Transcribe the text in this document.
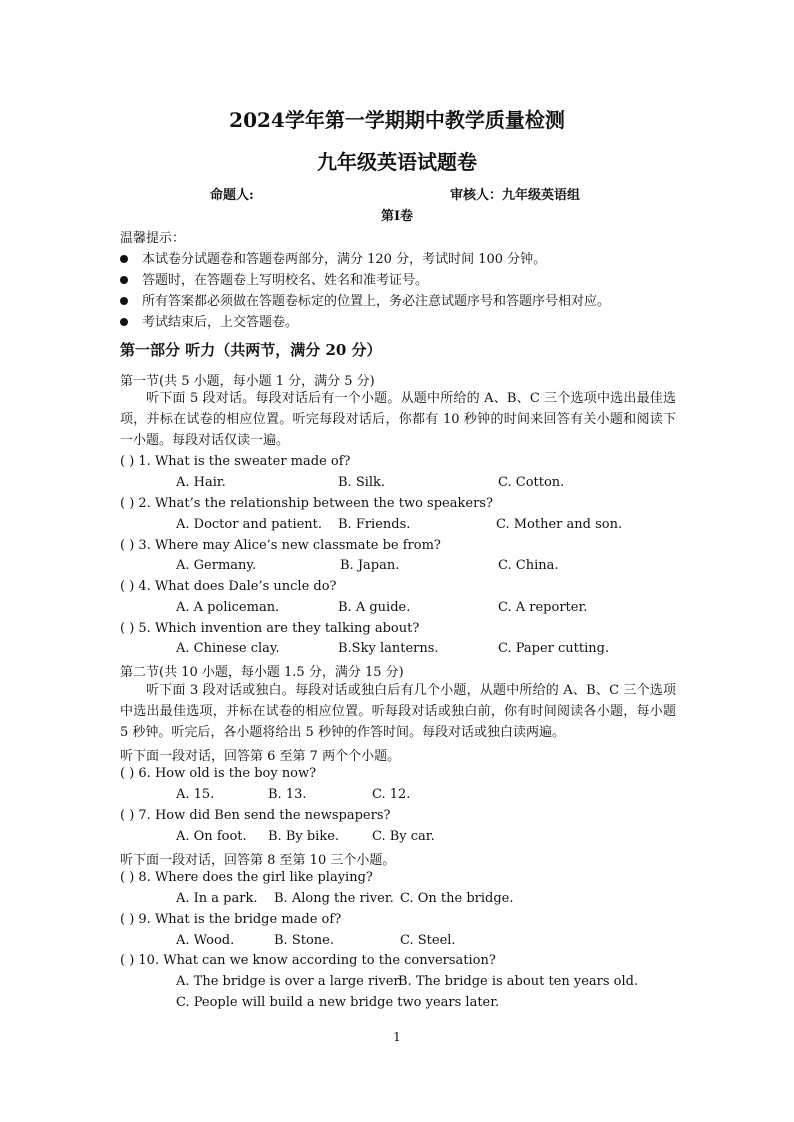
2024学年第一学期期中教学质量检测
九年级英语试题卷
命题人:	审核人：九年级英语组
第I卷
温馨提示：
本试卷分试题卷和答题卷两部分，满分 120 分，考试时间 100 分钟。
答题时，在答题卷上写明校名、姓名和准考证号。
所有答案都必须做在答题卷标定的位置上，务必注意试题序号和答题序号相对应。
考试结束后，上交答题卷。
第一部分 听力（共两节，满分 20 分）
第一节(共 5 小题，每小题 1 分，满分 5 分)
听下面 5 段对话。每段对话后有一个小题。从题中所给的 A、B、C 三个选项中选出最佳选项，并标在试卷的相应位置。听完每段对话后，你都有 10 秒钟的时间来回答有关小题和阅读下一小题。每段对话仅读一遍。
( ) 1. What is the sweater made of?
A. Hair.	B. Silk.	C. Cotton.
( ) 2. What’s the relationship between the two speakers?
A. Doctor and patient. B. Friends.	C. Mother and son.
( ) 3. Where may Alice’s new classmate be from?
A. Germany.	B. Japan.	C. China.
( ) 4. What does Dale’s uncle do?
A. A policeman.	B. A guide.	C. A reporter.
( ) 5. Which invention are they talking about?
A. Chinese clay.	B.Sky lanterns.	C. Paper cutting.
第二节(共 10 小题，每小题 1.5 分，满分 15 分)
听下面 3 段对话或独白。每段对话或独白后有几个小题，从题中所给的 A、B、C 三个选项中选出最佳选项，并标在试卷的相应位置。听每段对话或独白前，你有时间阅读各小题，每小题 5 秒钟。听完后，各小题将给出 5 秒钟的作答时间。每段对话或独白读两遍。
听下面一段对话，回答第 6 至第 7 两个个小题。
( ) 6. How old is the boy now?
A. 15.	B. 13.	C. 12.
( ) 7. How did Ben send the newspapers?
A. On foot. B. By bike.	C. By car.
听下面一段对话，回答第 8 至第 10 三个小题。
( ) 8. Where does the girl like playing?
A. In a park. B. Along the river. C. On the bridge.
( ) 9. What is the bridge made of?
A. Wood.	B. Stone.	C. Steel.
( ) 10. What can we know according to the conversation?
A. The bridge is over a large river.
B. The bridge is about ten years old.
C. People will build a new bridge two years later.
1
